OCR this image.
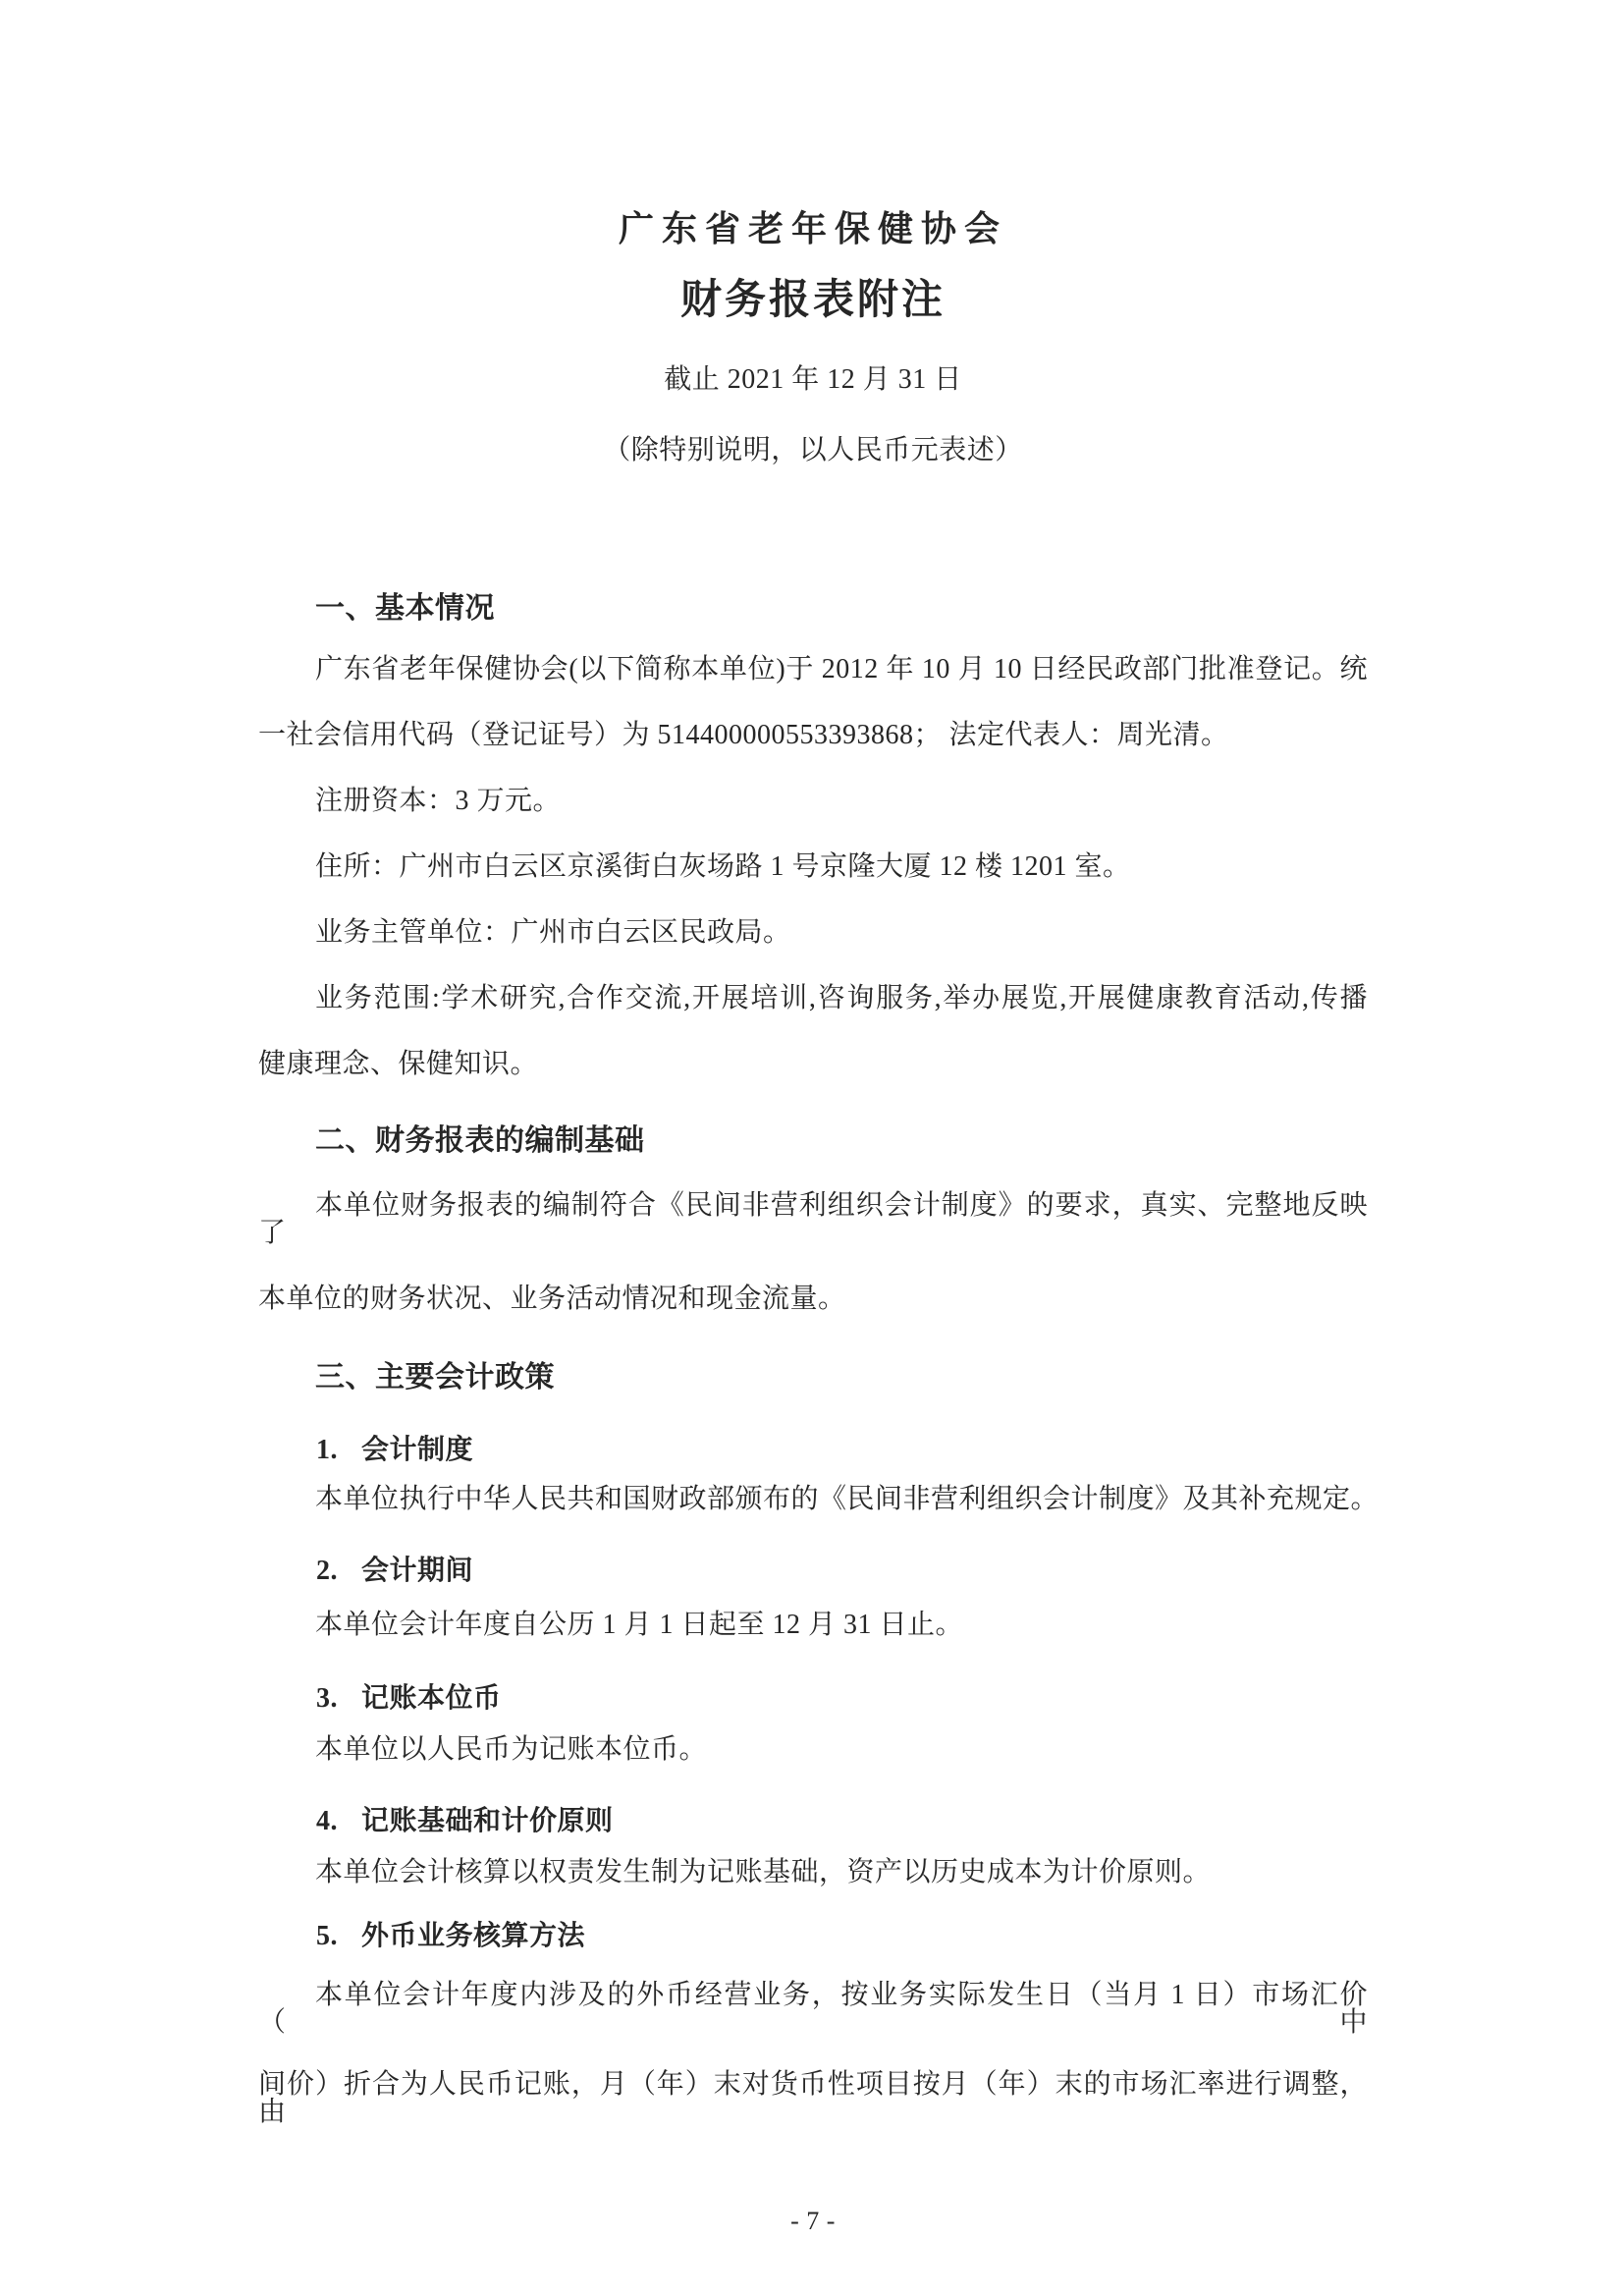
广东省老年保健协会
财务报表附注
截止 2021 年 12 月 31 日
（除特别说明，以人民币元表述）
一、基本情况
广东省老年保健协会(以下简称本单位)于 2012 年 10 月 10 日经民政部门批准登记。统
一社会信用代码（登记证号）为 514400000553393868； 法定代表人：周光清。
注册资本：3 万元。
住所：广州市白云区京溪街白灰场路 1 号京隆大厦 12 楼 1201 室。
业务主管单位：广州市白云区民政局。
业务范围:学术研究,合作交流,开展培训,咨询服务,举办展览,开展健康教育活动,传播
健康理念、保健知识。
二、财务报表的编制基础
本单位财务报表的编制符合《民间非营利组织会计制度》的要求，真实、完整地反映了
本单位的财务状况、业务活动情况和现金流量。
三、主要会计政策
1. 会计制度
本单位执行中华人民共和国财政部颁布的《民间非营利组织会计制度》及其补充规定。
2. 会计期间
本单位会计年度自公历 1 月 1 日起至 12 月 31 日止。
3. 记账本位币
本单位以人民币为记账本位币。
4. 记账基础和计价原则
本单位会计核算以权责发生制为记账基础，资产以历史成本为计价原则。
5. 外币业务核算方法
本单位会计年度内涉及的外币经营业务，按业务实际发生日（当月 1 日）市场汇价（中
间价）折合为人民币记账，月（年）末对货币性项目按月（年）末的市场汇率进行调整，由
- 7 -
